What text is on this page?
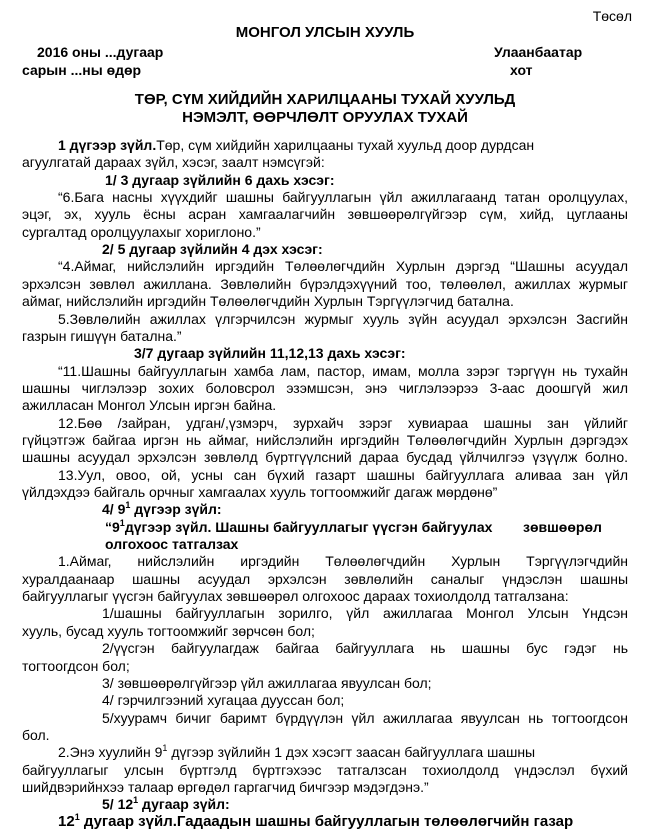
Төсөл
МОНГОЛ УЛСЫН ХУУЛЬ
2016 оны ...дугаар
сарын ...ны өдөр
Улаанбаатар
хот
ТӨР, СҮМ ХИЙДИЙН ХАРИЛЦААНЫ ТУХАЙ ХУУЛЬД
НЭМЭЛТ, ӨӨРЧЛӨЛТ ОРУУЛАХ ТУХАЙ
1 дүгээр зүйл.Төр, сүм хийдийн харилцааны тухай хуульд доор дурдсан
агуулгатай дараах зүйл, хэсэг, заалт нэмсүгэй:
1/ 3 дугаар зүйлийн 6 дахь хэсэг:
“6.Бага насны хүүхдийг шашны байгууллагын үйл ажиллагаанд татан оролцуулах,
эцэг, эх, хууль ёсны асран хамгаалагчийн зөвшөөрөлгүйгээр сүм, хийд, цуглааны
сургалтад оролцуулахыг хориглоно.”
2/ 5 дугаар зүйлийн 4 дэх хэсэг:
“4.Аймаг, нийслэлийн иргэдийн Төлөөлөгчдийн Хурлын дэргэд “Шашны асуудал
эрхэлсэн зөвлөл ажиллана. Зөвлөлийн бүрэлдэхүүний тоо, төлөөлөл, ажиллах журмыг
аймаг, нийслэлийн иргэдийн Төлөөлөгчдийн Хурлын Тэргүүлэгчид батална.
5.Зөвлөлийн ажиллах үлгэрчилсэн журмыг хууль зүйн асуудал эрхэлсэн Засгийн
газрын гишүүн батална.”
3/7 дугаар зүйлийн 11,12,13 дахь хэсэг:
“11.Шашны байгууллагын хамба лам, пастор, имам, молла зэрэг тэргүүн нь тухайн
шашны чиглэлээр зохих боловсрол эзэмшсэн, энэ чиглэлээрээ 3-аас доошгүй жил
ажилласан Монгол Улсын иргэн байна.
12.Бөө /зайран, удган/,үзмэрч, зурхайч зэрэг хувиараа шашны зан үйлийг
гүйцэтгэж байгаа иргэн нь аймаг, нийслэлийн иргэдийн Төлөөлөгчдийн Хурлын дэргэдэх
шашны асуудал эрхэлсэн зөвлөлд бүртгүүлсний дараа бусдад үйлчилгээ үзүүлж болно.
13.Уул, овоо, ой, усны сан бүхий газарт шашны байгууллага аливаа зан үйл
үйлдэхдээ байгаль орчныг хамгаалах хууль тогтоомжийг дагаж мөрдөнө”
4/ $9^1$ дүгээр зүйл:
“$9^1дүгээр$ зүйл. Шашны байгууллагыг үүсгэн байгуулах	зөвшөөрөл
олгохоос татгалзах
1.Аймаг, нийслэлийн иргэдийн Төлөөлөгчдийн Хурлын Тэргүүлэгчдийн
хуралдаанаар шашны асуудал эрхэлсэн зөвлөлийн саналыг үндэслэн шашны
байгууллагыг үүсгэн байгуулах зөвшөөрөл олгохоос дараах тохиолдолд татгалзана:
1/шашны байгууллагын зорилго, үйл ажиллагаа Монгол Улсын Үндсэн
хууль, бусад хууль тогтоомжийг зөрчсөн бол;
2/үүсгэн байгуулагдаж байгаа байгууллага нь шашны бус гэдэг нь
тогтоогдсон бол;
3/ зөвшөөрөлгүйгээр үйл ажиллагаа явуулсан бол;
4/ гэрчилгээний хугацаа дууссан бол;
5/хуурамч бичиг баримт бүрдүүлэн үйл ажиллагаа явуулсан нь тогтоогдсон
бол.
2.Энэ хуулийн $9^1$ дүгээр зүйлийн 1 дэх хэсэгт заасан байгууллага шашны
байгууллагыг улсын бүртгэлд бүртгэхээс татгалзсан тохиолдолд үндэслэл бүхий
шийдвэрийнхээ талаар өргөдөл гаргагчид бичгээр мэдэгдэнэ.”
5/ $12^1$ дугаар зүйл:
$12^1$ дугаар зүйл.Гадаадын шашны байгууллагын төлөөлөгчийн газар
